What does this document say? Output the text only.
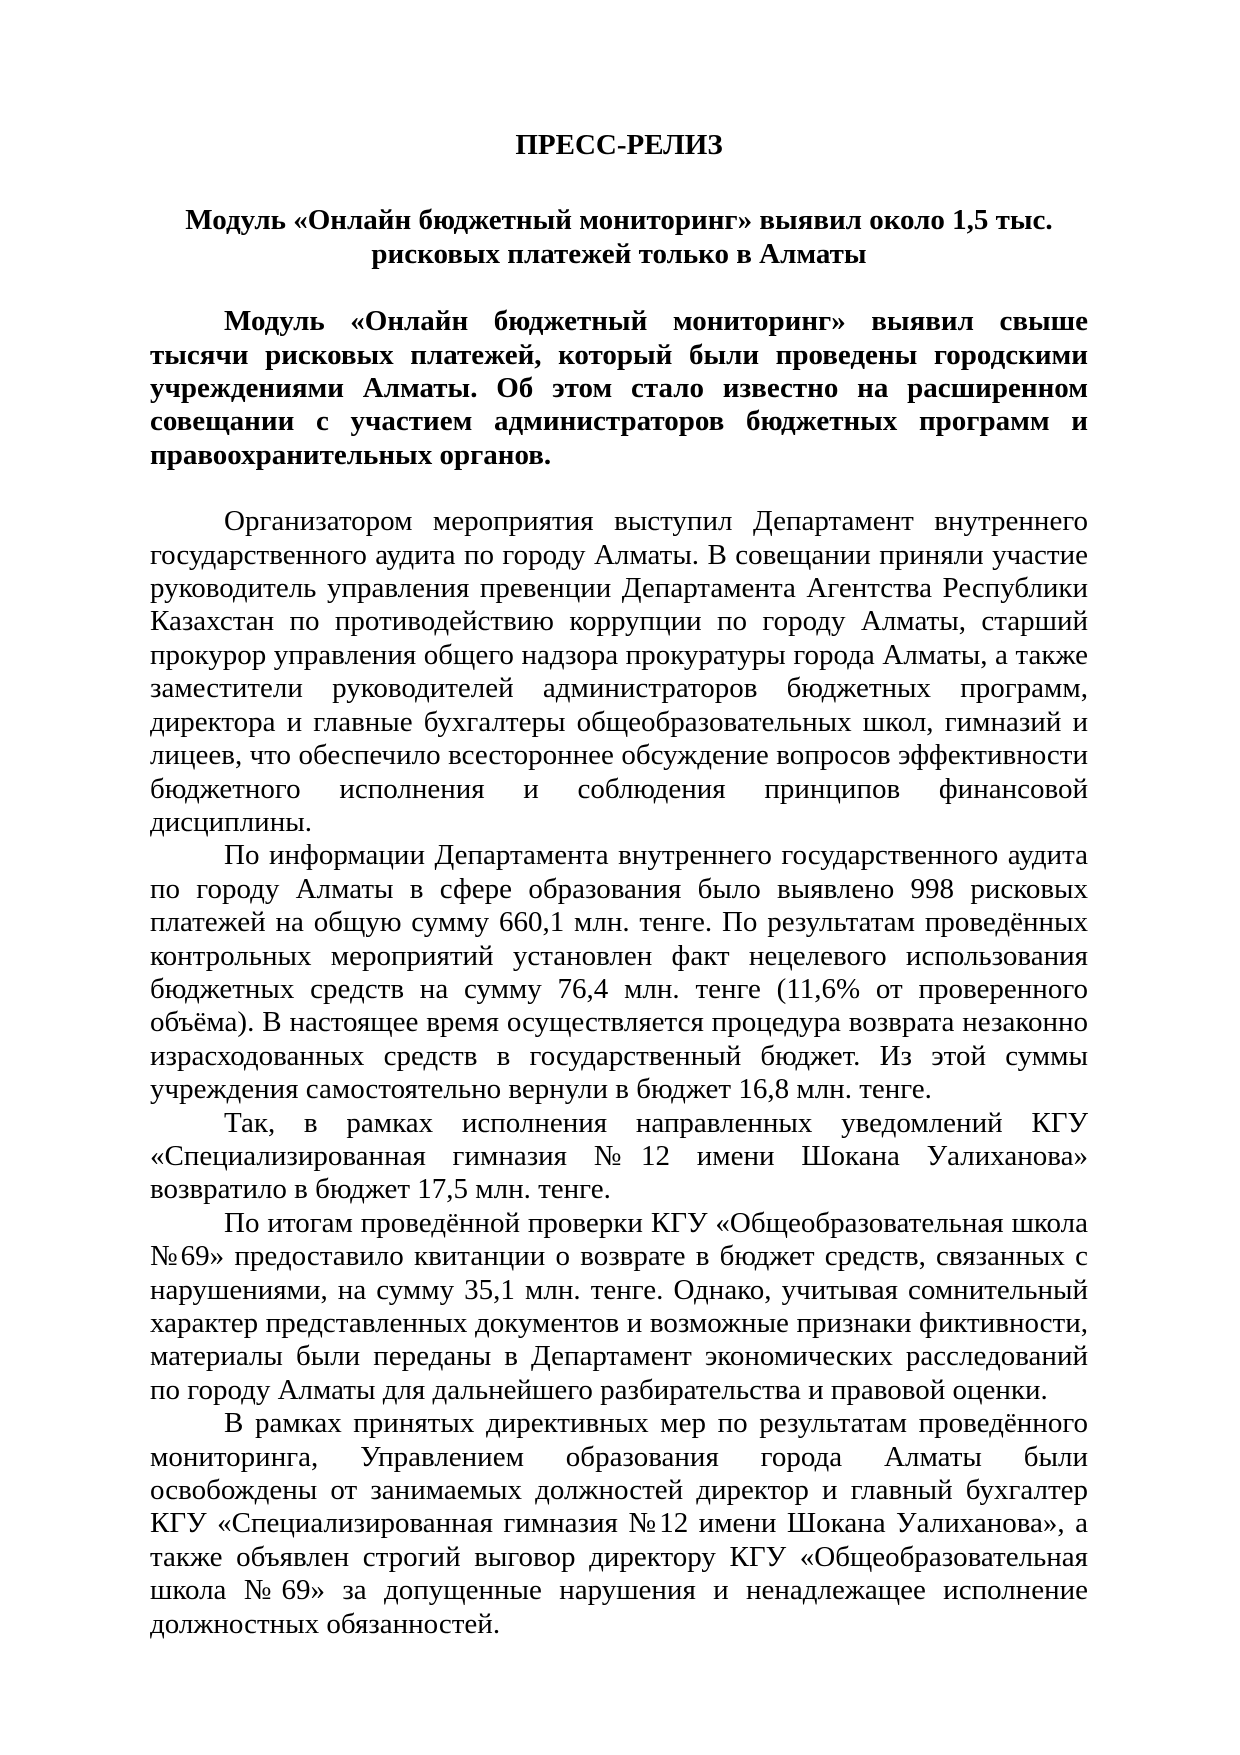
ПРЕСС-РЕЛИЗ
Модуль «Онлайн бюджетный мониторинг» выявил около 1,5 тыс. рисковых платежей только в Алматы

Модуль «Онлайн бюджетный мониторинг» выявил свыше тысячи рисковых платежей, который были проведены городскими учреждениями Алматы. Об этом стало известно на расширенном совещании с участием администраторов бюджетных программ и правоохранительных органов.

Организатором мероприятия выступил Департамент внутреннего государственного аудита по городу Алматы. В совещании приняли участие руководитель управления превенции Департамента Агентства Республики Казахстан по противодействию коррупции по городу Алматы, старший прокурор управления общего надзора прокуратуры города Алматы, а также заместители руководителей администраторов бюджетных программ, директора и главные бухгалтеры общеобразовательных школ, гимназий и лицеев, что обеспечило всестороннее обсуждение вопросов эффективности бюджетного исполнения и соблюдения принципов финансовой дисциплины.

По информации Департамента внутреннего государственного аудита по городу Алматы в сфере образования было выявлено 998 рисковых платежей на общую сумму 660,1 млн. тенге. По результатам проведённых контрольных мероприятий установлен факт нецелевого использования бюджетных средств на сумму 76,4 млн. тенге (11,6% от проверенного объёма). В настоящее время осуществляется процедура возврата незаконно израсходованных средств в государственный бюджет. Из этой суммы учреждения самостоятельно вернули в бюджет 16,8 млн. тенге.

Так, в рамках исполнения направленных уведомлений КГУ «Специализированная гимназия №12 имени Шокана Уалиханова» возвратило в бюджет 17,5 млн. тенге.

По итогам проведённой проверки КГУ «Общеобразовательная школа №69» предоставило квитанции о возврате в бюджет средств, связанных с нарушениями, на сумму 35,1 млн. тенге. Однако, учитывая сомнительный характер представленных документов и возможные признаки фиктивности, материалы были переданы в Департамент экономических расследований по городу Алматы для дальнейшего разбирательства и правовой оценки.

В рамках принятых директивных мер по результатам проведённого мониторинга, Управлением образования города Алматы были освобождены от занимаемых должностей директор и главный бухгалтер КГУ «Специализированная гимназия №12 имени Шокана Уалиханова», а также объявлен строгий выговор директору КГУ «Общеобразовательная школа №69» за допущенные нарушения и ненадлежащее исполнение должностных обязанностей.
